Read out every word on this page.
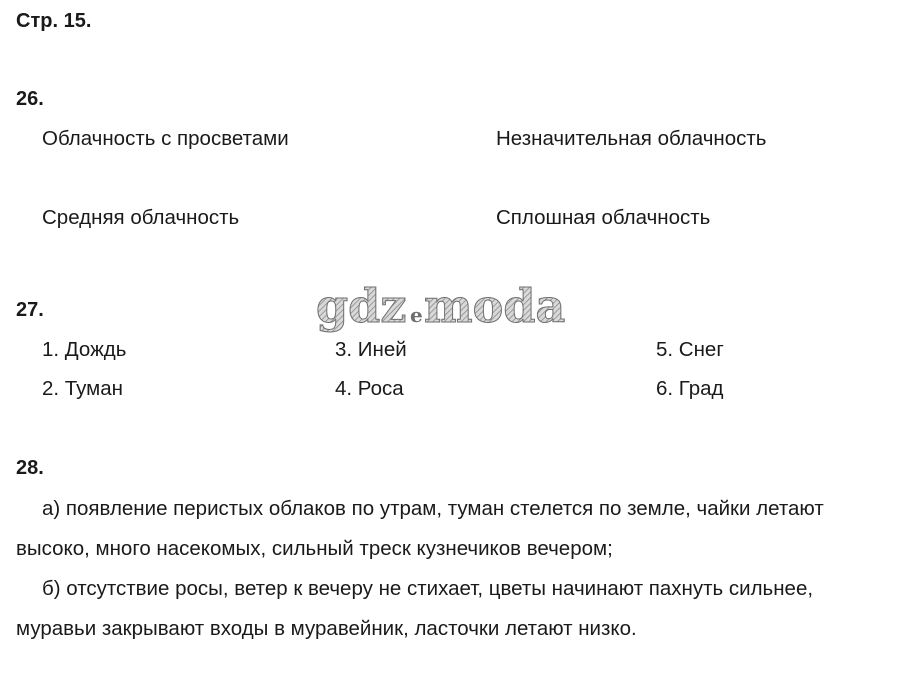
Стр. 15.
26.
Облачность с просветами	Незначительная облачность
Средняя облачность	Сплошная облачность
27.
1. Дождь
2. Туман
3. Иней
4. Роса
5. Снег
6. Град
gdz e moda
28.
а) появление перистых облаков по утрам, туман стелется по земле, чайки летают
высоко, много насекомых, сильный треск кузнечиков вечером;
б) отсутствие росы, ветер к вечеру не стихает, цветы начинают пахнуть сильнее,
муравьи закрывают входы в муравейник, ласточки летают низко.
